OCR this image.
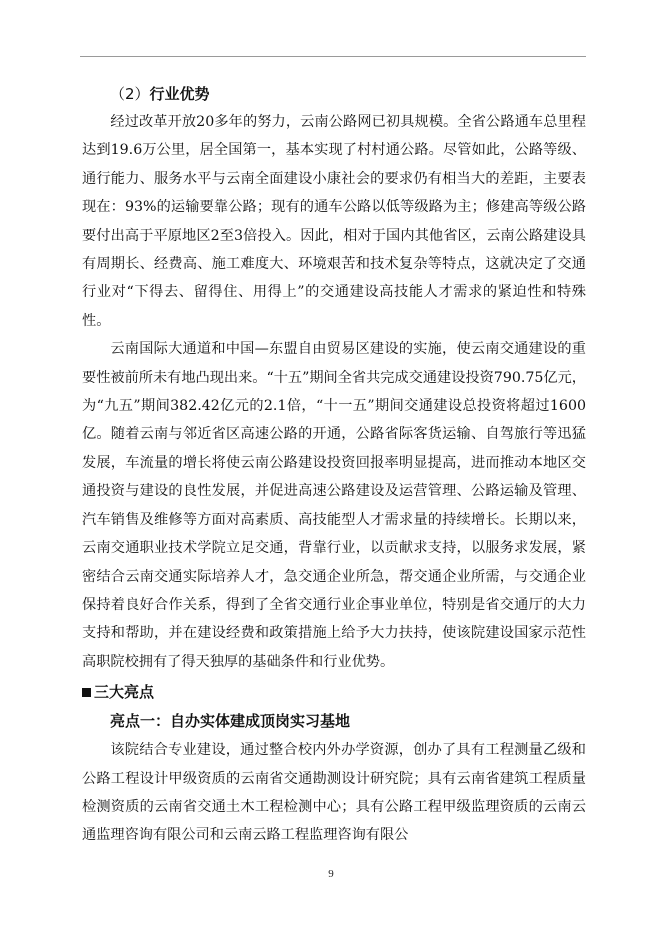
（2）行业优势

经过改革开放20多年的努力，云南公路网已初具规模。全省公路通车总里程达到19.6万公里，居全国第一，基本实现了村村通公路。尽管如此，公路等级、通行能力、服务水平与云南全面建设小康社会的要求仍有相当大的差距，主要表现在：93%的运输要靠公路；现有的通车公路以低等级路为主；修建高等级公路要付出高于平原地区2至3倍投入。因此，相对于国内其他省区，云南公路建设具有周期长、经费高、施工难度大、环境艰苦和技术复杂等特点，这就决定了交通行业对“下得去、留得住、用得上”的交通建设高技能人才需求的紧迫性和特殊性。

云南国际大通道和中国—东盟自由贸易区建设的实施，使云南交通建设的重要性被前所未有地凸现出来。“十五”期间全省共完成交通建设投资790.75亿元，为“九五”期间382.42亿元的2.1倍，“十一五”期间交通建设总投资将超过1600亿。随着云南与邻近省区高速公路的开通，公路省际客货运输、自驾旅行等迅猛发展，车流量的增长将使云南公路建设投资回报率明显提高，进而推动本地区交通投资与建设的良性发展，并促进高速公路建设及运营管理、公路运输及管理、汽车销售及维修等方面对高素质、高技能型人才需求量的持续增长。长期以来，云南交通职业技术学院立足交通，背靠行业，以贡献求支持，以服务求发展，紧密结合云南交通实际培养人才，急交通企业所急，帮交通企业所需，与交通企业保持着良好合作关系，得到了全省交通行业企事业单位，特别是省交通厅的大力支持和帮助，并在建设经费和政策措施上给予大力扶持，使该院建设国家示范性高职院校拥有了得天独厚的基础条件和行业优势。

三大亮点
亮点一：自办实体建成顶岗实习基地

该院结合专业建设，通过整合校内外办学资源，创办了具有工程测量乙级和公路工程设计甲级资质的云南省交通勘测设计研究院；具有云南省建筑工程质量检测资质的云南省交通土木工程检测中心；具有公路工程甲级监理资质的云南云通监理咨询有限公司和云南云路工程监理咨询有限公

9
